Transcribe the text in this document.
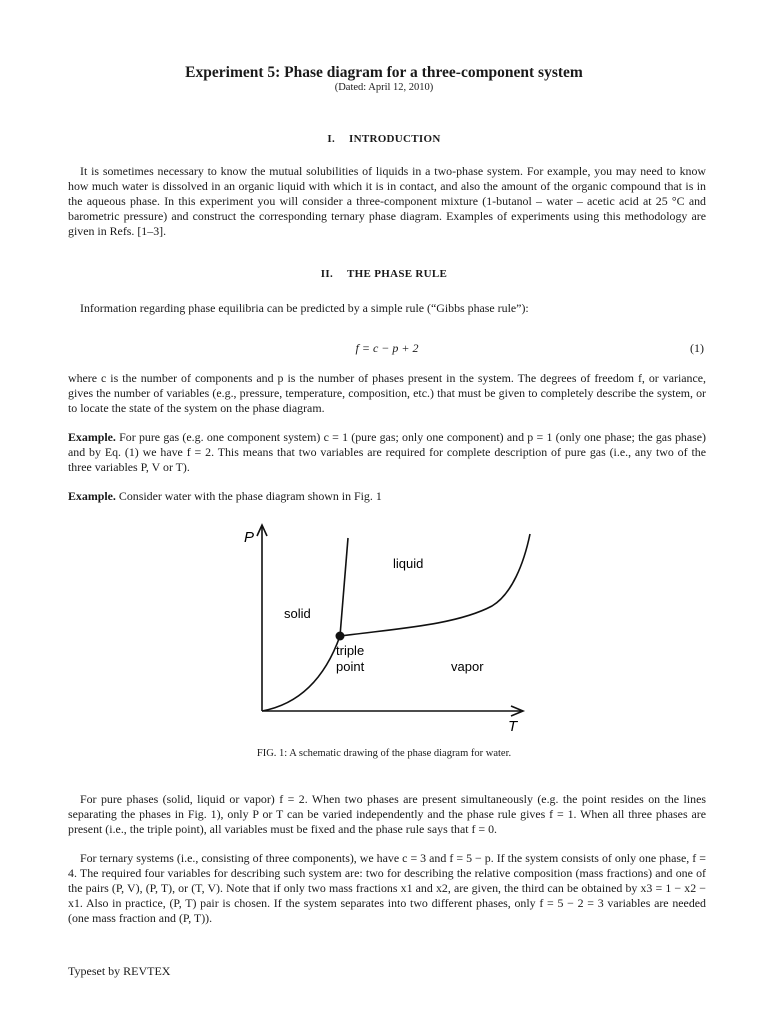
Experiment 5: Phase diagram for a three-component system
(Dated: April 12, 2010)
I. INTRODUCTION
It is sometimes necessary to know the mutual solubilities of liquids in a two-phase system. For example, you may need to know how much water is dissolved in an organic liquid with which it is in contact, and also the amount of the organic compound that is in the aqueous phase. In this experiment you will consider a three-component mixture (1-butanol – water – acetic acid at 25 °C and barometric pressure) and construct the corresponding ternary phase diagram. Examples of experiments using this methodology are given in Refs. [1–3].
II. THE PHASE RULE
Information regarding phase equilibria can be predicted by a simple rule (“Gibbs phase rule”):
f = c − p + 2	(1)
where c is the number of components and p is the number of phases present in the system. The degrees of freedom f, or variance, gives the number of variables (e.g., pressure, temperature, composition, etc.) that must be given to completely describe the system, or to locate the state of the system on the phase diagram.
Example. For pure gas (e.g. one component system) c = 1 (pure gas; only one component) and p = 1 (only one phase; the gas phase) and by Eq. (1) we have f = 2. This means that two variables are required for complete description of pure gas (i.e., any two of the three variables P, V or T).
Example. Consider water with the phase diagram shown in Fig. 1
P
T
liquid
solid
triple
point	vapor
FIG. 1: A schematic drawing of the phase diagram for water.
For pure phases (solid, liquid or vapor) f = 2. When two phases are present simultaneously (e.g. the point resides on the lines separating the phases in Fig. 1), only P or T can be varied independently and the phase rule gives f = 1. When all three phases are present (i.e., the triple point), all variables must be fixed and the phase rule says that f = 0.
For ternary systems (i.e., consisting of three components), we have c = 3 and f = 5 − p. If the system consists of only one phase, f = 4. The required four variables for describing such system are: two for describing the relative composition (mass fractions) and one of the pairs (P, V), (P, T), or (T, V). Note that if only two mass fractions x1 and x2, are given, the third can be obtained by x3 = 1 − x2 − x1. Also in practice, (P, T) pair is chosen. If the system separates into two different phases, only f = 5 − 2 = 3 variables are needed (one mass fraction and (P, T)).
Typeset by REVTEX
